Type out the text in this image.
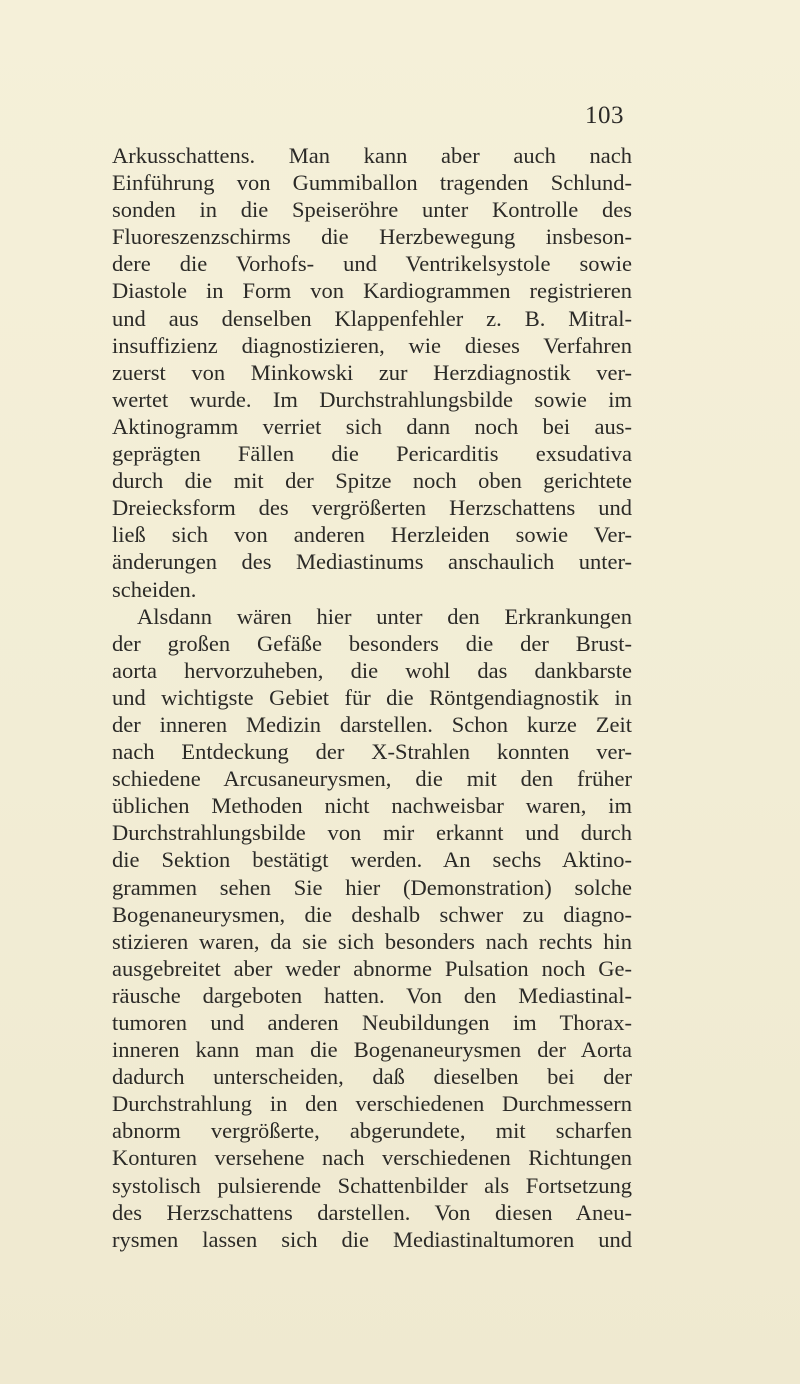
103
Arkusschattens. Man kann aber auch nach
Einführung von Gummiballon tragenden Schlund-
sonden in die Speiseröhre unter Kontrolle des
Fluoreszenzschirms die Herzbewegung insbeson-
dere die Vorhofs- und Ventrikelsystole sowie
Diastole in Form von Kardiogrammen registrieren
und aus denselben Klappenfehler z. B. Mitral-
insuffizienz diagnostizieren, wie dieses Verfahren
zuerst von Minkowski zur Herzdiagnostik ver-
wertet wurde. Im Durchstrahlungsbilde sowie im
Aktinogramm verriet sich dann noch bei aus-
geprägten Fällen die Pericarditis exsudativa
durch die mit der Spitze noch oben gerichtete
Dreiecksform des vergrößerten Herzschattens und
ließ sich von anderen Herzleiden sowie Ver-
änderungen des Mediastinums anschaulich unter-
scheiden.
Alsdann wären hier unter den Erkrankungen
der großen Gefäße besonders die der Brust-
aorta hervorzuheben, die wohl das dankbarste
und wichtigste Gebiet für die Röntgendiagnostik in
der inneren Medizin darstellen. Schon kurze Zeit
nach Entdeckung der X-Strahlen konnten ver-
schiedene Arcusaneurysmen, die mit den früher
üblichen Methoden nicht nachweisbar waren, im
Durchstrahlungsbilde von mir erkannt und durch
die Sektion bestätigt werden. An sechs Aktino-
grammen sehen Sie hier (Demonstration) solche
Bogenaneurysmen, die deshalb schwer zu diagno-
stizieren waren, da sie sich besonders nach rechts hin
ausgebreitet aber weder abnorme Pulsation noch Ge-
räusche dargeboten hatten. Von den Mediastinal-
tumoren und anderen Neubildungen im Thorax-
inneren kann man die Bogenaneurysmen der Aorta
dadurch unterscheiden, daß dieselben bei der
Durchstrahlung in den verschiedenen Durchmessern
abnorm vergrößerte, abgerundete, mit scharfen
Konturen versehene nach verschiedenen Richtungen
systolisch pulsierende Schattenbilder als Fortsetzung
des Herzschattens darstellen. Von diesen Aneu-
rysmen lassen sich die Mediastinaltumoren und
